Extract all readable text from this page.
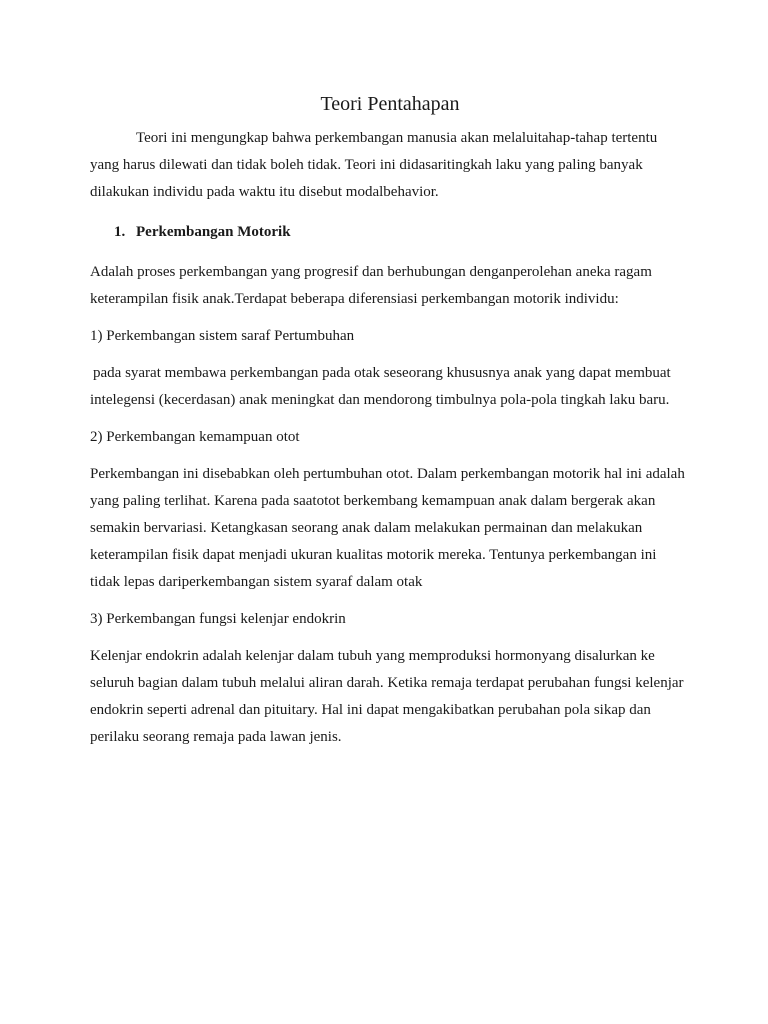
Teori Pentahapan

Teori ini mengungkap bahwa perkembangan manusia akan melaluitahap-tahap tertentu yang harus dilewati dan tidak boleh tidak. Teori ini didasaritingkah laku yang paling banyak dilakukan individu pada waktu itu disebut modalbehavior.

1. Perkembangan Motorik

Adalah proses perkembangan yang progresif dan berhubungan denganperolehan aneka ragam keterampilan fisik anak.Terdapat beberapa diferensiasi perkembangan motorik individu:

1) Perkembangan sistem saraf Pertumbuhan

pada syarat membawa perkembangan pada otak seseorang khususnya anak yang dapat membuat intelegensi (kecerdasan) anak meningkat dan mendorong timbulnya pola-pola tingkah laku baru.

2) Perkembangan kemampuan otot

Perkembangan ini disebabkan oleh pertumbuhan otot. Dalam perkembangan motorik hal ini adalah yang paling terlihat. Karena pada saatotot berkembang kemampuan anak dalam bergerak akan semakin bervariasi. Ketangkasan seorang anak dalam melakukan permainan dan melakukan keterampilan fisik dapat menjadi ukuran kualitas motorik mereka. Tentunya perkembangan ini tidak lepas dariperkembangan sistem syaraf dalam otak

3) Perkembangan fungsi kelenjar endokrin

Kelenjar endokrin adalah kelenjar dalam tubuh yang memproduksi hormonyang disalurkan ke seluruh bagian dalam tubuh melalui aliran darah. Ketika remaja terdapat perubahan fungsi kelenjar endokrin seperti adrenal dan pituitary. Hal ini dapat mengakibatkan perubahan pola sikap dan perilaku seorang remaja pada lawan jenis.
